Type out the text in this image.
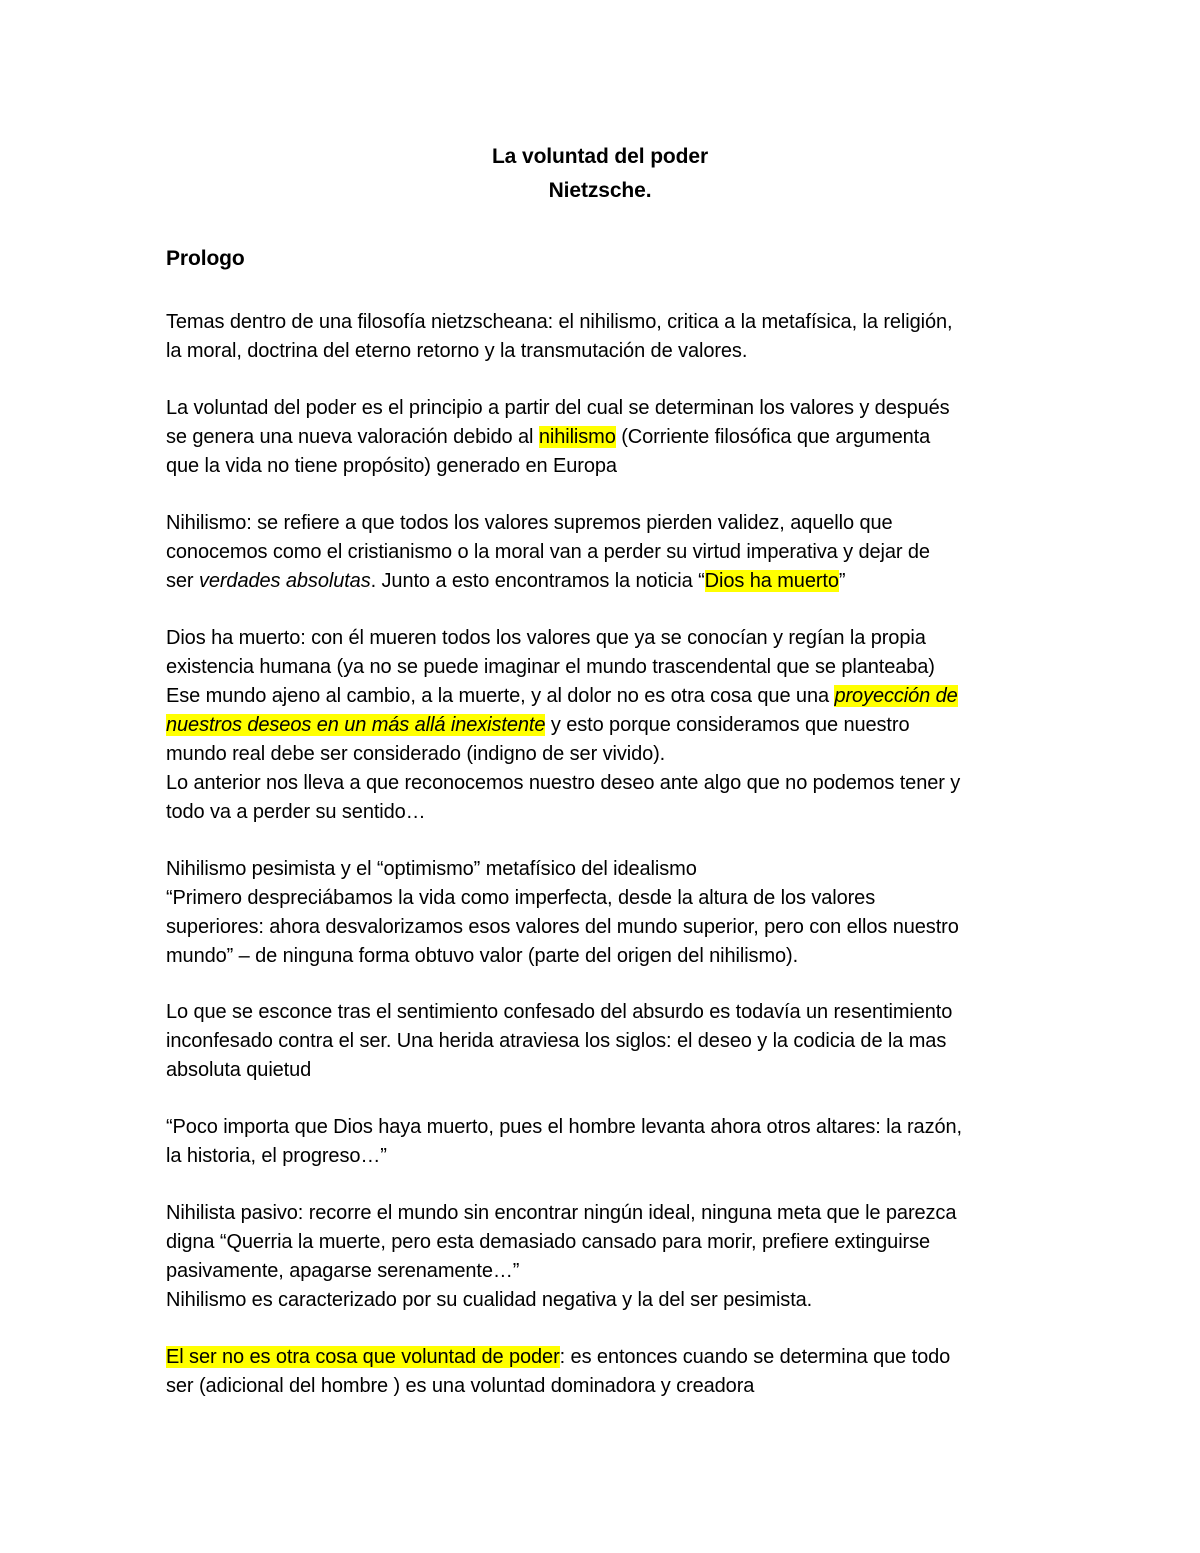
La voluntad del poder
Nietzsche.
Prologo
Temas dentro de una filosofía nietzscheana: el nihilismo, critica a la metafísica, la religión,
la moral, doctrina del eterno retorno y la transmutación de valores.
La voluntad del poder es el principio a partir del cual se determinan los valores y después
se genera una nueva valoración debido al nihilismo (Corriente filosófica que argumenta
que la vida no tiene propósito) generado en Europa
Nihilismo: se refiere a que todos los valores supremos pierden validez, aquello que
conocemos como el cristianismo o la moral van a perder su virtud imperativa y dejar de
ser verdades absolutas. Junto a esto encontramos la noticia “Dios ha muerto”
Dios ha muerto: con él mueren todos los valores que ya se conocían y regían la propia
existencia humana (ya no se puede imaginar el mundo trascendental que se planteaba)
Ese mundo ajeno al cambio, a la muerte, y al dolor no es otra cosa que una proyección de
nuestros deseos en un más allá inexistente y esto porque consideramos que nuestro
mundo real debe ser considerado (indigno de ser vivido).
Lo anterior nos lleva a que reconocemos nuestro deseo ante algo que no podemos tener y
todo va a perder su sentido…
Nihilismo pesimista y el “optimismo” metafísico del idealismo
“Primero despreciábamos la vida como imperfecta, desde la altura de los valores
superiores: ahora desvalorizamos esos valores del mundo superior, pero con ellos nuestro
mundo” – de ninguna forma obtuvo valor (parte del origen del nihilismo).
Lo que se esconce tras el sentimiento confesado del absurdo es todavía un resentimiento
inconfesado contra el ser. Una herida atraviesa los siglos: el deseo y la codicia de la mas
absoluta quietud
“Poco importa que Dios haya muerto, pues el hombre levanta ahora otros altares: la razón,
la historia, el progreso…”
Nihilista pasivo: recorre el mundo sin encontrar ningún ideal, ninguna meta que le parezca
digna “Querria la muerte, pero esta demasiado cansado para morir, prefiere extinguirse
pasivamente, apagarse serenamente…”
Nihilismo es caracterizado por su cualidad negativa y la del ser pesimista.
El ser no es otra cosa que voluntad de poder: es entonces cuando se determina que todo
ser (adicional del hombre ) es una voluntad dominadora y creadora
